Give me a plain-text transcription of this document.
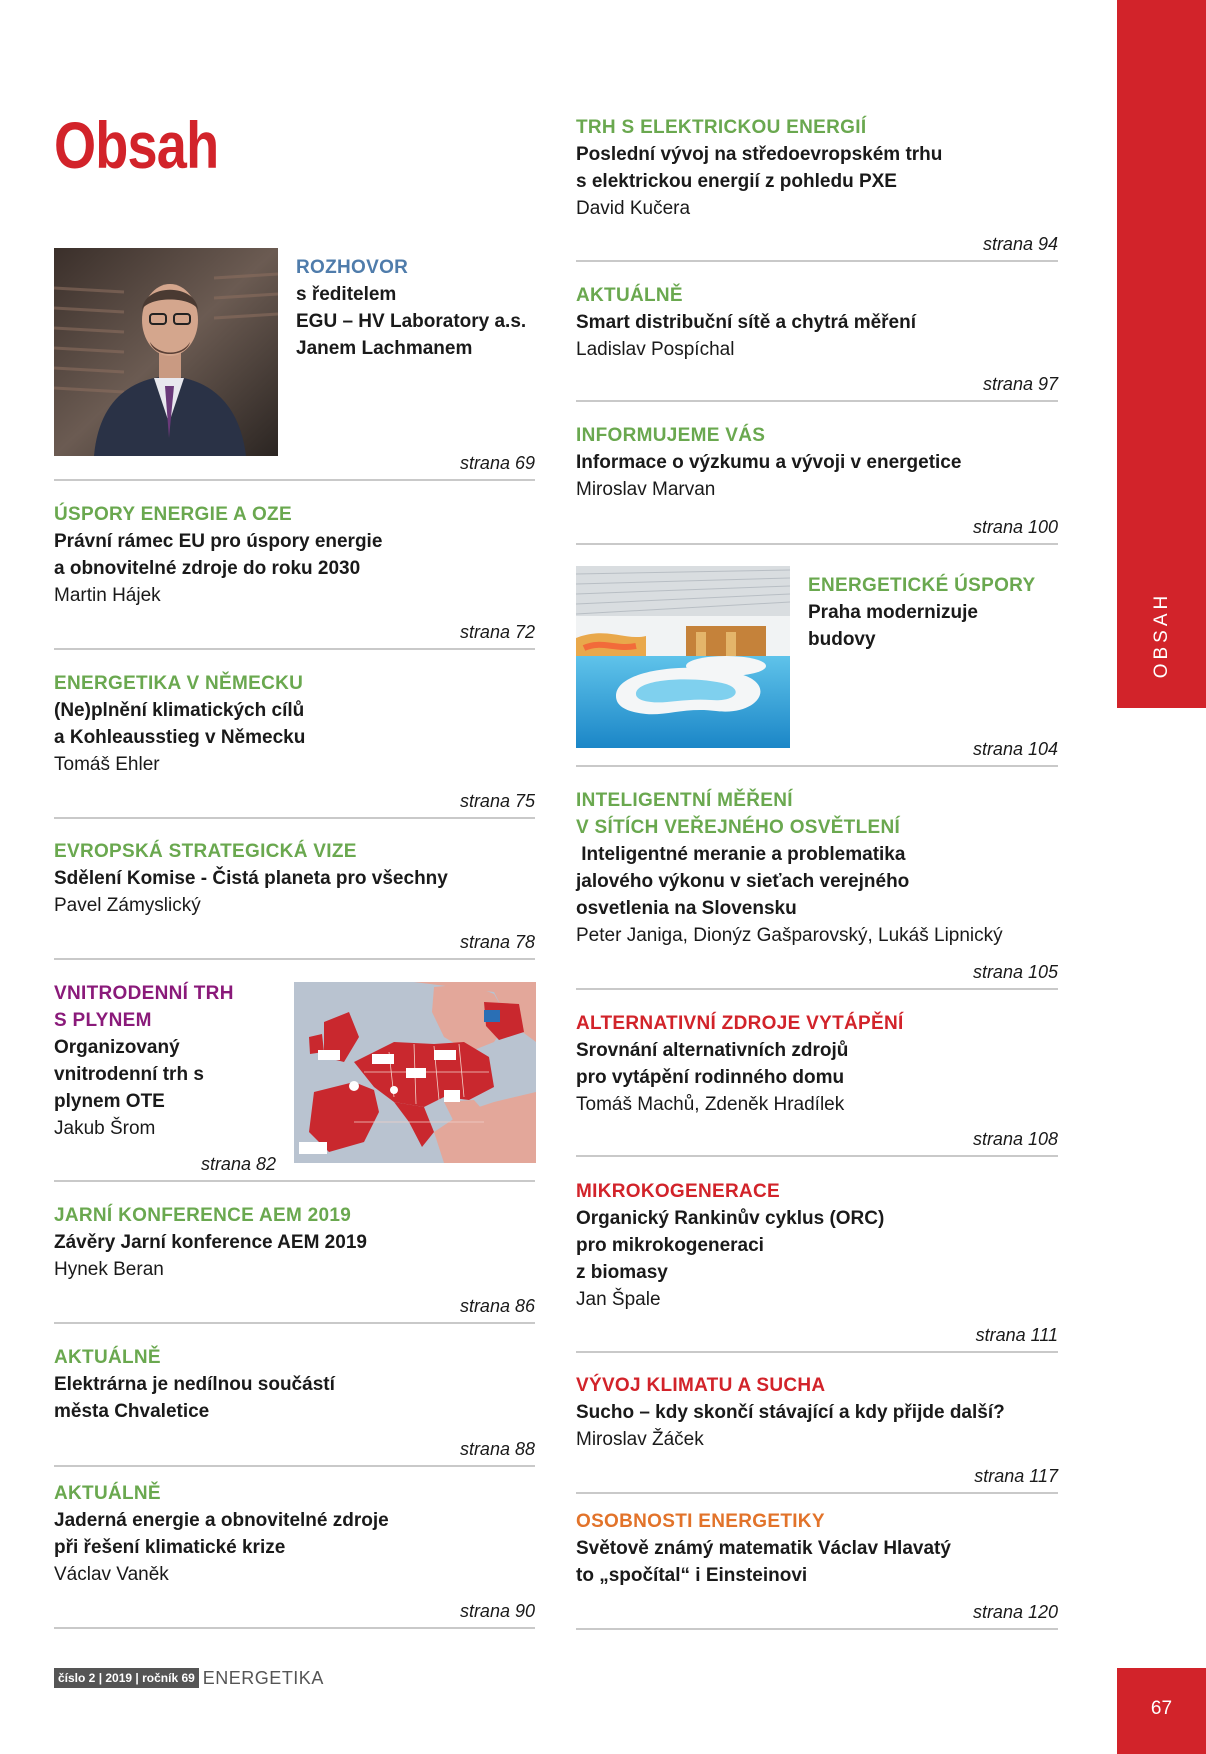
Obsah
OBSAH
67
ROZHOVOR
s ředitelem
EGU – HV Laboratory a.s.
Janem Lachmanem
strana 69
ÚSPORY ENERGIE A OZE
Právní rámec EU pro úspory energie
a obnovitelné zdroje do roku 2030
Martin Hájek
strana 72
ENERGETIKA V NĚMECKU
(Ne)plnění klimatických cílů
a Kohleausstieg v Německu
Tomáš Ehler
strana 75
EVROPSKÁ STRATEGICKÁ VIZE
Sdělení Komise - Čistá planeta pro všechny
Pavel Zámyslický
strana 78
VNITRODENNÍ TRH
S PLYNEM
Organizovaný
vnitrodenní trh s
plynem OTE
Jakub Šrom
strana 82
JARNÍ KONFERENCE AEM 2019
Závěry Jarní konference AEM 2019
Hynek Beran
strana 86
AKTUÁLNĚ
Elektrárna je nedílnou součástí
města Chvaletice
strana 88
AKTUÁLNĚ
Jaderná energie a obnovitelné zdroje
při řešení klimatické krize
Václav Vaněk
strana 90
TRH S ELEKTRICKOU ENERGIÍ
Poslední vývoj na středoevropském trhu
s elektrickou energií z pohledu PXE
David Kučera
strana 94
AKTUÁLNĚ
Smart distribuční sítě a chytrá měření
Ladislav Pospíchal
strana 97
INFORMUJEME VÁS
Informace o výzkumu a vývoji v energetice
Miroslav Marvan
strana 100
ENERGETICKÉ ÚSPORY
Praha modernizuje
budovy
strana 104
INTELIGENTNÍ MĚŘENÍ
V SÍTÍCH VEŘEJNÉHO OSVĚTLENÍ
Inteligentné meranie a problematika
jalového výkonu v sieťach verejného
osvetlenia na Slovensku
Peter Janiga, Dionýz Gašparovský, Lukáš Lipnický
strana 105
ALTERNATIVNÍ ZDROJE VYTÁPĚNÍ
Srovnání alternativních zdrojů
pro vytápění rodinného domu
Tomáš Machů, Zdeněk Hradílek
strana 108
MIKROKOGENERACE
Organický Rankinův cyklus (ORC)
pro mikrokogeneraci
z biomasy
Jan Špale
strana 111
VÝVOJ KLIMATU A SUCHA
Sucho – kdy skončí stávající a kdy přijde další?
Miroslav Žáček
strana 117
OSOBNOSTI ENERGETIKY
Světově známý matematik Václav Hlavatý
to „spočítal“ i Einsteinovi
strana 120
číslo 2 | 2019 | ročník 69 ENERGETIKA
